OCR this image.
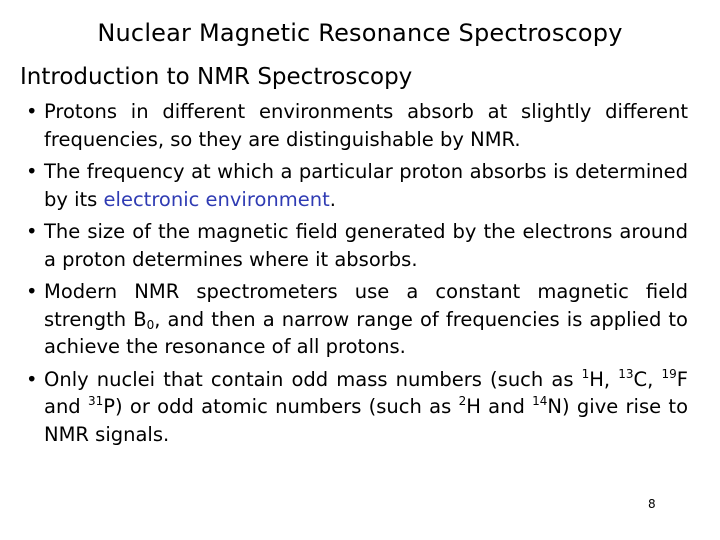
Nuclear Magnetic Resonance Spectroscopy
Introduction to NMR Spectroscopy
• Protons in different environments absorb at slightly different frequencies, so they are distinguishable by NMR.
• The frequency at which a particular proton absorbs is determined by its electronic environment.
• The size of the magnetic field generated by the electrons around a proton determines where it absorbs.
• Modern NMR spectrometers use a constant magnetic field strength $B_0$, and then a narrow range of frequencies is applied to achieve the resonance of all protons.
• Only nuclei that contain odd mass numbers (such as $^1$H, $^{13}$C, $^{19}$F and $^{31}$P) or odd atomic numbers (such as $^2$H and $^{14}$N) give rise to NMR signals.
8
